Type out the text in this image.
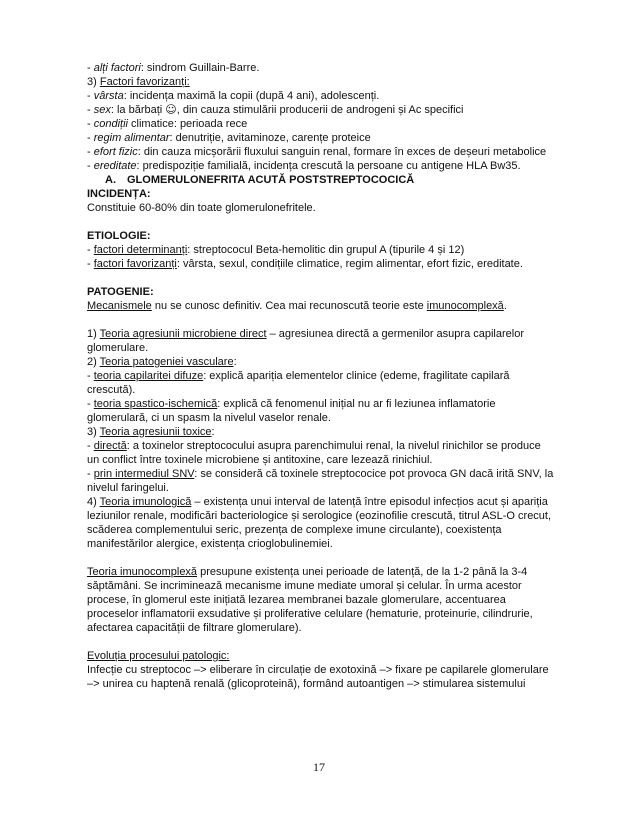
- alți factori: sindrom Guillain-Barre.

3) Factori favorizanți:

- vârsta: incidența maximă la copii (după 4 ani), adolescenți.

- sex: la bărbați ☺, din cauza stimulării producerii de androgeni și Ac specifici

- condiții climatice: perioada rece

- regim alimentar: denutriție, avitaminoze, carențe proteice

- efort fizic: din cauza micșorării fluxului sanguin renal, formare în exces de deșeuri metabolice

- ereditate: predispoziție familială, incidența crescută la persoane cu antigene HLA Bw35.

A. GLOMERULONEFRITA ACUTĂ POSTSTREPTOCOCICĂ

INCIDENȚA:

Constituie 60-80% din toate glomerulonefritele.

ETIOLOGIE:

- factori determinanți: streptococul Beta-hemolitic din grupul A (tipurile 4 și 12)

- factori favorizanți: vârsta, sexul, condițiile climatice, regim alimentar, efort fizic, ereditate.

PATOGENIE:

Mecanismele nu se cunosc definitiv. Cea mai recunoscută teorie este imunocomplexă.

1) Teoria agresiunii microbiene direct – agresiunea directă a germenilor asupra capilarelor glomerulare.

2) Teoria patogeniei vasculare:

- teoria capilaritei difuze: explică apariția elementelor clinice (edeme, fragilitate capilară crescută).

- teoria spastico-ischemică: explică că fenomenul inițial nu ar fi leziunea inflamatorie glomerulară, ci un spasm la nivelul vaselor renale.

3) Teoria agresiunii toxice:

- directă: a toxinelor streptococului asupra parenchimului renal, la nivelul rinichilor se produce un conflict între toxinele microbiene și antitoxine, care lezează rinichiul.

- prin intermediul SNV: se consideră că toxinele streptococice pot provoca GN dacă irită SNV, la nivelul faringelui.

4) Teoria imunologică – existența unui interval de latență între episodul infecțios acut și apariția leziunilor renale, modificări bacteriologice și serologice (eozinofilie crescută, titrul ASL-O crecut, scăderea complementului seric, prezența de complexe imune circulante), coexistența manifestărilor alergice, existența crioglobulinemiei.

Teoria imunocomplexă presupune existența unei perioade de latență, de la 1-2 până la 3-4 săptămâni. Se incriminează mecanisme imune mediate umoral și celular. În urma acestor procese, în glomerul este inițiată lezarea membranei bazale glomerulare, accentuarea proceselor inflamatorii exsudative și proliferative celulare (hematurie, proteinurie, cilindrurie, afectarea capacității de filtrare glomerulare).

Evoluția procesului patologic:

Infecție cu streptococ –> eliberare în circulație de exotoxină –> fixare pe capilarele glomerulare –> unirea cu haptenă renală (glicoproteină), formând autoantigen –> stimularea sistemului

17
